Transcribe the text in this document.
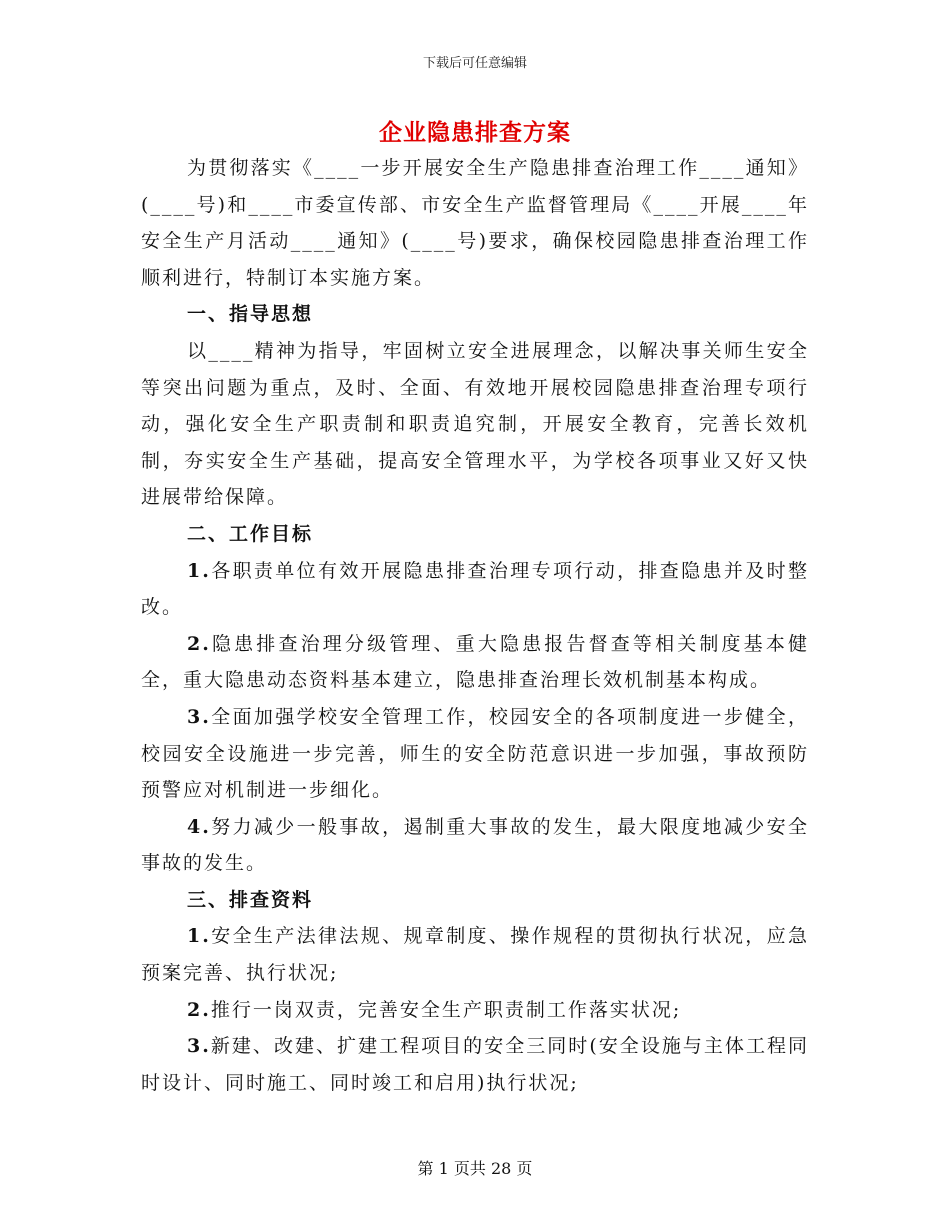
下载后可任意编辑
企业隐患排查方案
为贯彻落实《____一步开展安全生产隐患排查治理工作____通知》(____号)和____市委宣传部、市安全生产监督管理局《____开展____年安全生产月活动____通知》(____号)要求，确保校园隐患排查治理工作顺利进行，特制订本实施方案。
一、指导思想
以____精神为指导，牢固树立安全进展理念，以解决事关师生安全等突出问题为重点，及时、全面、有效地开展校园隐患排查治理专项行动，强化安全生产职责制和职责追究制，开展安全教育，完善长效机制，夯实安全生产基础，提高安全管理水平，为学校各项事业又好又快进展带给保障。
二、工作目标
1.各职责单位有效开展隐患排查治理专项行动，排查隐患并及时整改。
2.隐患排查治理分级管理、重大隐患报告督查等相关制度基本健全，重大隐患动态资料基本建立，隐患排查治理长效机制基本构成。
3.全面加强学校安全管理工作，校园安全的各项制度进一步健全，校园安全设施进一步完善，师生的安全防范意识进一步加强，事故预防预警应对机制进一步细化。
4.努力减少一般事故，遏制重大事故的发生，最大限度地减少安全事故的发生。
三、排查资料
1.安全生产法律法规、规章制度、操作规程的贯彻执行状况，应急预案完善、执行状况;
2.推行一岗双责，完善安全生产职责制工作落实状况;
3.新建、改建、扩建工程项目的安全三同时(安全设施与主体工程同时设计、同时施工、同时竣工和启用)执行状况;
第 1 页共 28 页
